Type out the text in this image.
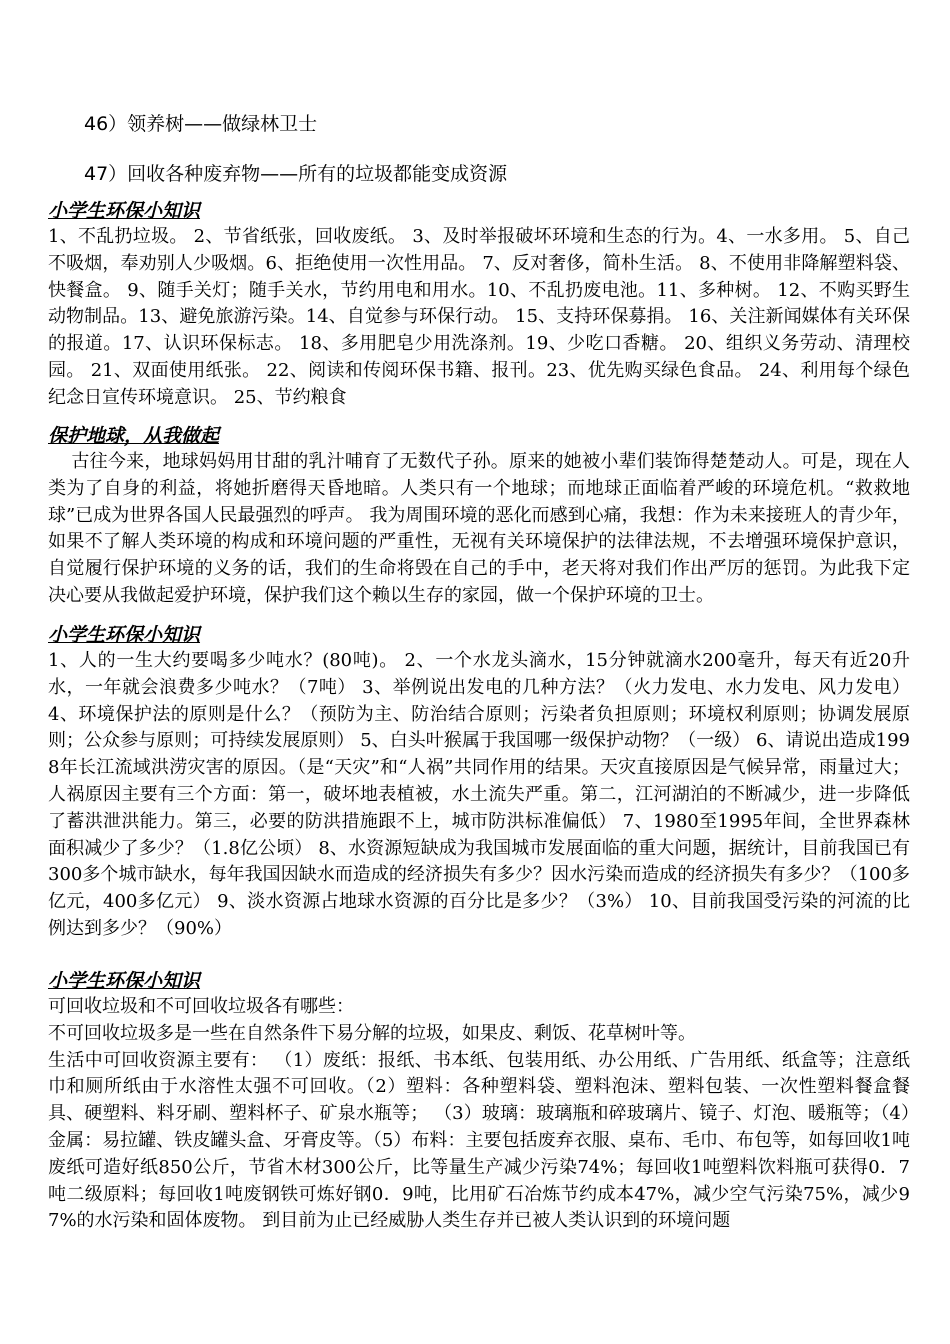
46）领养树——做绿林卫士
47）回收各种废弃物——所有的垃圾都能变成资源
小学生环保小知识

1、不乱扔垃圾。 2、节省纸张，回收废纸。 3、及时举报破坏环境和生态的行为。4、一水多用。 5、自己不吸烟，奉劝别人少吸烟。6、拒绝使用一次性用品。 7、反对奢侈，简朴生活。 8、不使用非降解塑料袋、快餐盒。 9、随手关灯；随手关水，节约用电和用水。10、不乱扔废电池。11、多种树。 12、不购买野生动物制品。13、避免旅游污染。14、自觉参与环保行动。 15、支持环保募捐。 16、关注新闻媒体有关环保的报道。17、认识环保标志。 18、多用肥皂少用洗涤剂。19、少吃口香糖。 20、组织义务劳动、清理校园。 21、双面使用纸张。 22、阅读和传阅环保书籍、报刊。23、优先购买绿色食品。 24、利用每个绿色纪念日宣传环境意识。 25、节约粮食

保护地球，从我做起

古往今来，地球妈妈用甘甜的乳汁哺育了无数代子孙。原来的她被小辈们装饰得楚楚动人。可是，现在人类为了自身的利益，将她折磨得天昏地暗。人类只有一个地球；而地球正面临着严峻的环境危机。“救救地球”已成为世界各国人民最强烈的呼声。 我为周围环境的恶化而感到心痛，我想：作为未来接班人的青少年，如果不了解人类环境的构成和环境问题的严重性，无视有关环境保护的法律法规，不去增强环境保护意识，自觉履行保护环境的义务的话，我们的生命将毁在自己的手中，老天将对我们作出严厉的惩罚。为此我下定决心要从我做起爱护环境，保护我们这个赖以生存的家园，做一个保护环境的卫士。

小学生环保小知识

1、人的一生大约要喝多少吨水？(80吨)。 2、一个水龙头滴水，15分钟就滴水200毫升，每天有近20升水，一年就会浪费多少吨水？（7吨） 3、举例说出发电的几种方法？（火力发电、水力发电、风力发电）4、环境保护法的原则是什么？（预防为主、防治结合原则；污染者负担原则；环境权利原则；协调发展原则；公众参与原则；可持续发展原则） 5、白头叶猴属于我国哪一级保护动物？（一级） 6、请说出造成1998年长江流域洪涝灾害的原因。（是“天灾”和“人祸”共同作用的结果。天灾直接原因是气候异常，雨量过大；人祸原因主要有三个方面：第一，破坏地表植被，水土流失严重。第二，江河湖泊的不断减少，进一步降低了蓄洪泄洪能力。第三，必要的防洪措施跟不上，城市防洪标准偏低） 7、1980至1995年间，全世界森林面积减少了多少？（1.8亿公顷） 8、水资源短缺成为我国城市发展面临的重大问题，据统计，目前我国已有300多个城市缺水，每年我国因缺水而造成的经济损失有多少？因水污染而造成的经济损失有多少？（100多亿元，400多亿元） 9、淡水资源占地球水资源的百分比是多少？（3%） 10、目前我国受污染的河流的比例达到多少？（90%）

小学生环保小知识

可回收垃圾和不可回收垃圾各有哪些：

不可回收垃圾多是一些在自然条件下易分解的垃圾，如果皮、剩饭、花草树叶等。

生活中可回收资源主要有： （1）废纸：报纸、书本纸、包装用纸、办公用纸、广告用纸、纸盒等；注意纸巾和厕所纸由于水溶性太强不可回收。（2）塑料：各种塑料袋、塑料泡沫、塑料包装、一次性塑料餐盒餐具、硬塑料、料牙刷、塑料杯子、矿泉水瓶等； （3）玻璃：玻璃瓶和碎玻璃片、镜子、灯泡、暖瓶等；（4）金属：易拉罐、铁皮罐头盒、牙膏皮等。（5）布料：主要包括废弃衣服、桌布、毛巾、布包等，如每回收1吨废纸可造好纸850公斤，节省木材300公斤，比等量生产减少污染74%；每回收1吨塑料饮料瓶可获得0．7吨二级原料；每回收1吨废钢铁可炼好钢0．9吨，比用矿石冶炼节约成本47%，减少空气污染75%，减少97%的水污染和固体废物。 到目前为止已经威胁人类生存并已被人类认识到的环境问题
